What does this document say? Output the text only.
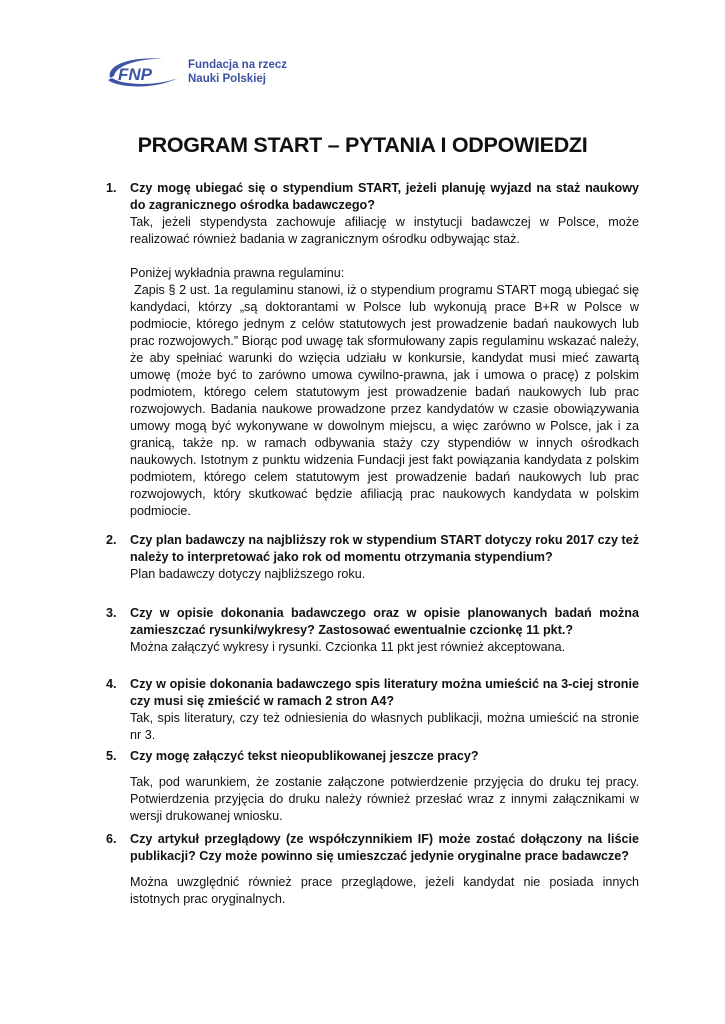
FNP	Fundacja na rzecz
Nauki Polskiej
PROGRAM START – PYTANIA I ODPOWIEDZI
1. Czy mogę ubiegać się o stypendium START, jeżeli planuję wyjazd na staż naukowy do zagranicznego ośrodka badawczego?

Tak, jeżeli stypendysta zachowuje afiliację w instytucji badawczej w Polsce, może realizować również badania w zagranicznym ośrodku odbywając staż.

Poniżej wykładnia prawna regulaminu:

Zapis § 2 ust. 1a regulaminu stanowi, iż o stypendium programu START mogą ubiegać się kandydaci, którzy „są doktorantami w Polsce lub wykonują prace B+R w Polsce w podmiocie, którego jednym z celów statutowych jest prowadzenie badań naukowych lub prac rozwojowych.” Biorąc pod uwagę tak sformułowany zapis regulaminu wskazać należy, że aby spełniać warunki do wzięcia udziału w konkursie, kandydat musi mieć zawartą umowę (może być to zarówno umowa cywilno-prawna, jak i umowa o pracę) z polskim podmiotem, którego celem statutowym jest prowadzenie badań naukowych lub prac rozwojowych. Badania naukowe prowadzone przez kandydatów w czasie obowiązywania umowy mogą być wykonywane w dowolnym miejscu, a więc zarówno w Polsce, jak i za granicą, także np. w ramach odbywania staży czy stypendiów w innych ośrodkach naukowych. Istotnym z punktu widzenia Fundacji jest fakt powiązania kandydata z polskim podmiotem, którego celem statutowym jest prowadzenie badań naukowych lub prac rozwojowych, który skutkować będzie afiliacją prac naukowych kandydata w polskim podmiocie.

2. Czy plan badawczy na najbliższy rok w stypendium START dotyczy roku 2017 czy też należy to interpretować jako rok od momentu otrzymania stypendium?

Plan badawczy dotyczy najbliższego roku.

3. Czy w opisie dokonania badawczego oraz w opisie planowanych badań można zamieszczać rysunki/wykresy? Zastosować ewentualnie czcionkę 11 pkt.?

Można załączyć wykresy i rysunki. Czcionka 11 pkt jest również akceptowana.

4. Czy w opisie dokonania badawczego spis literatury można umieścić na 3-ciej stronie czy musi się zmieścić w ramach 2 stron A4?

Tak, spis literatury, czy też odniesienia do własnych publikacji, można umieścić na stronie nr 3.

5. Czy mogę załączyć tekst nieopublikowanej jeszcze pracy?

Tak, pod warunkiem, że zostanie załączone potwierdzenie przyjęcia do druku tej pracy. Potwierdzenia przyjęcia do druku należy również przesłać wraz z innymi załącznikami w wersji drukowanej wniosku.

6. Czy artykuł przeglądowy (ze współczynnikiem IF) może zostać dołączony na liście publikacji? Czy może powinno się umieszczać jedynie oryginalne prace badawcze?

Można uwzględnić również prace przeglądowe, jeżeli kandydat nie posiada innych istotnych prac oryginalnych.
